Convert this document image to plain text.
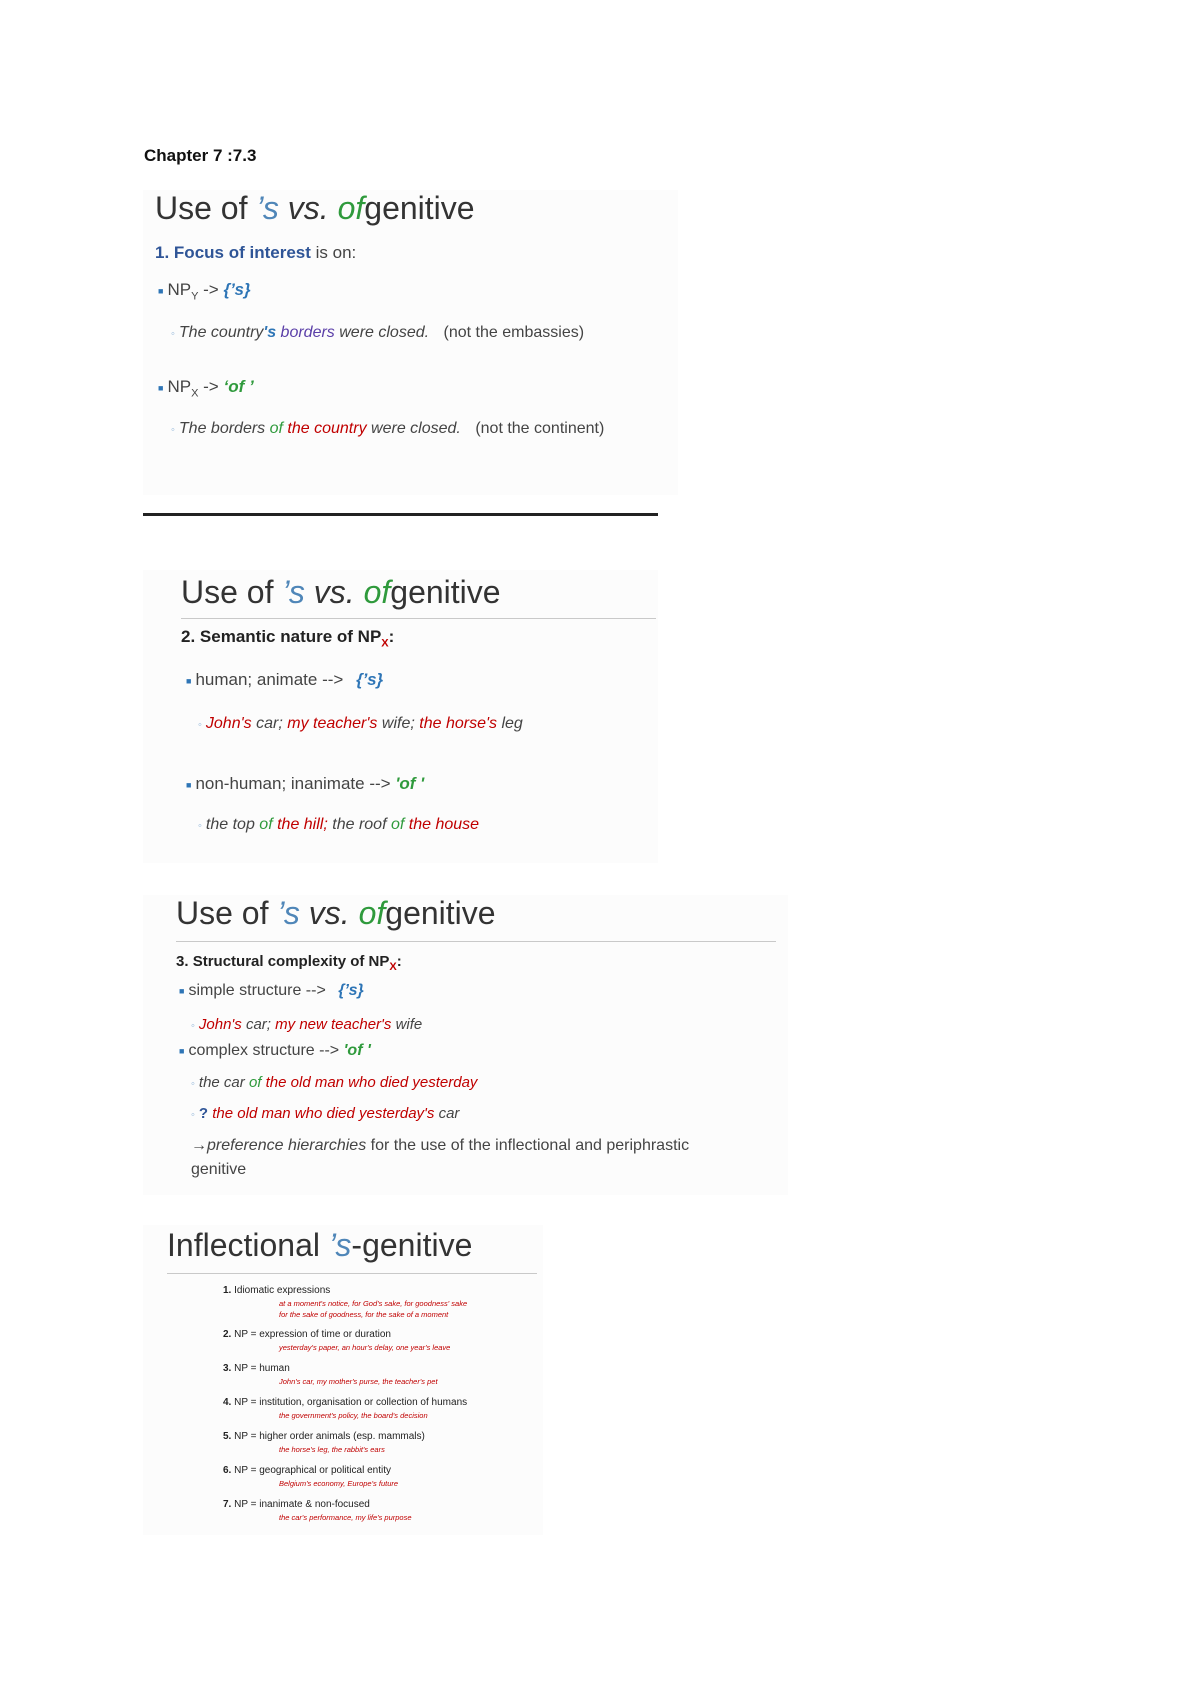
Chapter 7 :7.3
Use of ’s vs. ofgenitive
1. Focus of interest is on:
■ $NP_Y$ -> {’s}
◦ The country's borders were closed. (not the embassies)
■ $NP_X$ -> ‘of ’
◦ The borders of the country were closed. (not the continent)
Use of ’s vs. ofgenitive
2. Semantic nature of $NP_X$:
■ human; animate --> {’s}
◦ John's car; my teacher's wife; the horse's leg
■ non-human; inanimate --> 'of '
◦ the top of the hill; the roof of the house
Use of ’s vs. ofgenitive
3. Structural complexity of $NP_X$:
■ simple structure --> {’s}
◦ John's car; my new teacher's wife
■ complex structure --> 'of '
◦ the car of the old man who died yesterday
◦ ? the old man who died yesterday's car
→preference hierarchies for the use of the inflectional and periphrastic
genitive
Inflectional ’s-genitive
1. Idiomatic expressions
at a moment's notice, for God's sake, for goodness' sake
for the sake of goodness, for the sake of a moment
2. NP = expression of time or duration
yesterday's paper, an hour's delay, one year's leave
3. NP = human
John's car, my mother's purse, the teacher's pet
4. NP = institution, organisation or collection of humans
the government's policy, the board's decision
5. NP = higher order animals (esp. mammals)
the horse's leg, the rabbit's ears
6. NP = geographical or political entity
Belgium's economy, Europe's future
7. NP = inanimate & non-focused
the car's performance, my life's purpose
